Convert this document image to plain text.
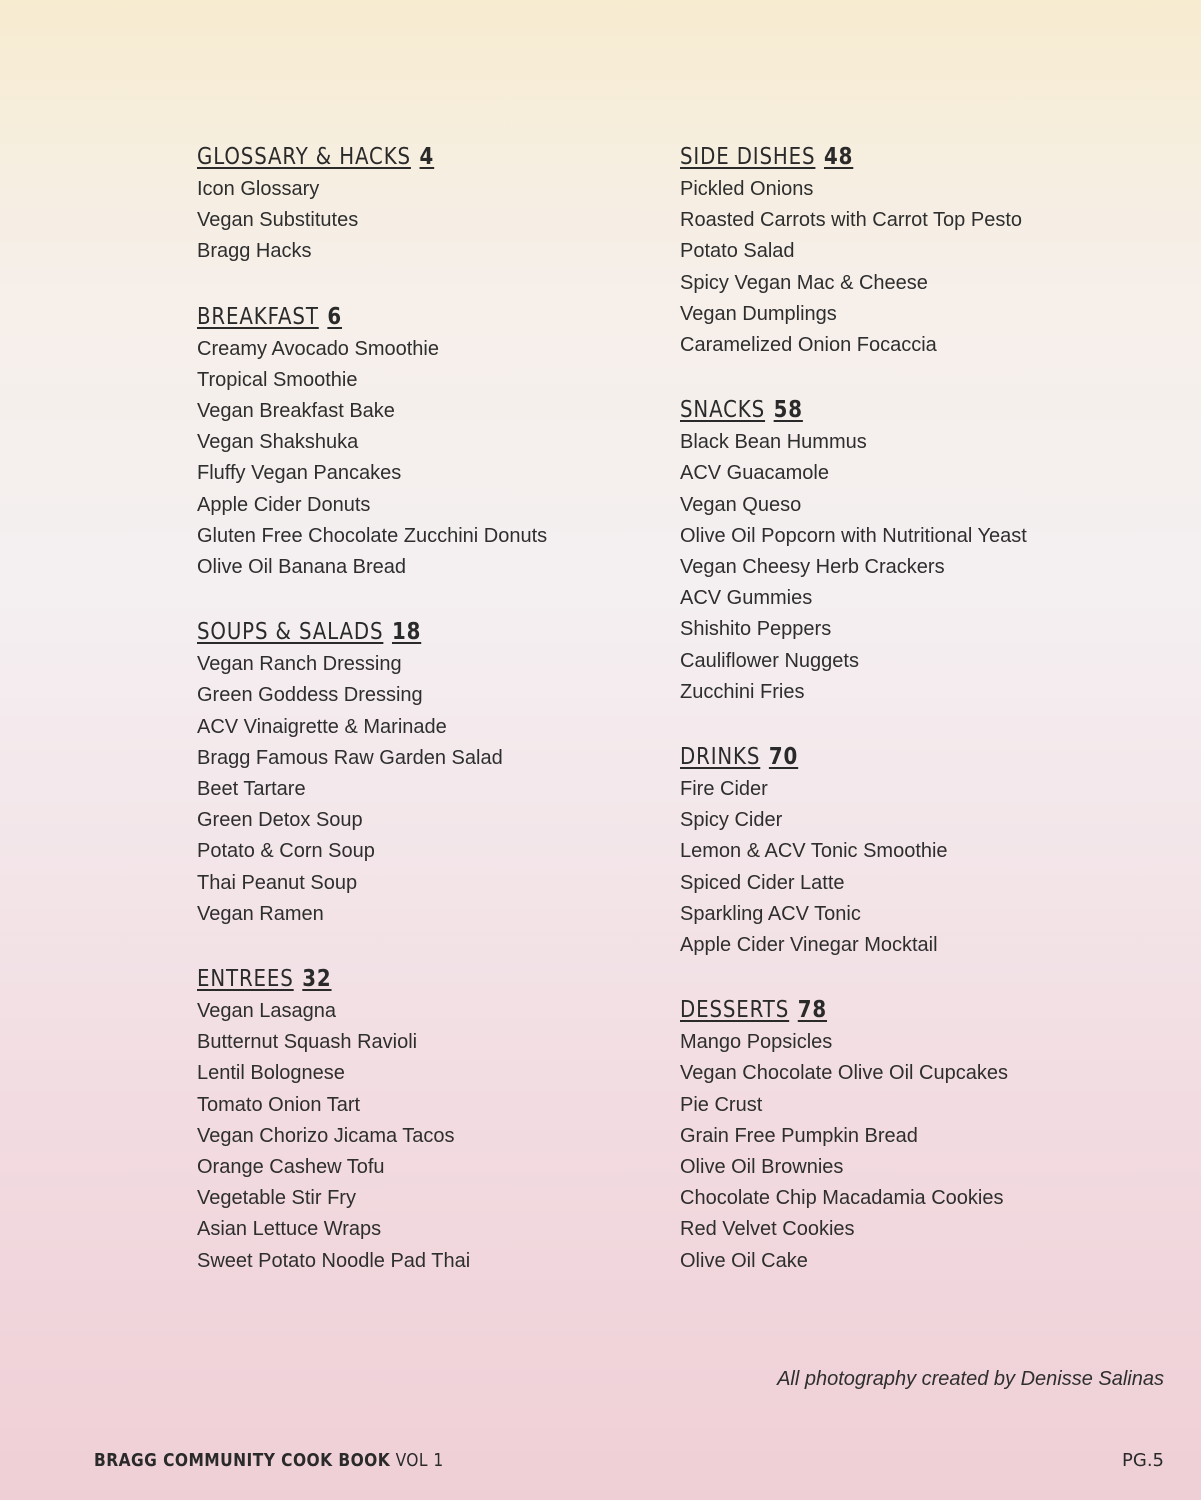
GLOSSARY & HACKS 4
Icon Glossary
Vegan Substitutes
Bragg Hacks
BREAKFAST 6
Creamy Avocado Smoothie
Tropical Smoothie
Vegan Breakfast Bake
Vegan Shakshuka
Fluffy Vegan Pancakes
Apple Cider Donuts
Gluten Free Chocolate Zucchini Donuts
Olive Oil Banana Bread
SOUPS & SALADS 18
Vegan Ranch Dressing
Green Goddess Dressing
ACV Vinaigrette & Marinade
Bragg Famous Raw Garden Salad
Beet Tartare
Green Detox Soup
Potato & Corn Soup
Thai Peanut Soup
Vegan Ramen
ENTREES 32
Vegan Lasagna
Butternut Squash Ravioli
Lentil Bolognese
Tomato Onion Tart
Vegan Chorizo Jicama Tacos
Orange Cashew Tofu
Vegetable Stir Fry
Asian Lettuce Wraps
Sweet Potato Noodle Pad Thai
SIDE DISHES 48
Pickled Onions
Roasted Carrots with Carrot Top Pesto
Potato Salad
Spicy Vegan Mac & Cheese
Vegan Dumplings
Caramelized Onion Focaccia
SNACKS 58
Black Bean Hummus
ACV Guacamole
Vegan Queso
Olive Oil Popcorn with Nutritional Yeast
Vegan Cheesy Herb Crackers
ACV Gummies
Shishito Peppers
Cauliflower Nuggets
Zucchini Fries
DRINKS 70
Fire Cider
Spicy Cider
Lemon & ACV Tonic Smoothie
Spiced Cider Latte
Sparkling ACV Tonic
Apple Cider Vinegar Mocktail
DESSERTS 78
Mango Popsicles
Vegan Chocolate Olive Oil Cupcakes
Pie Crust
Grain Free Pumpkin Bread
Olive Oil Brownies
Chocolate Chip Macadamia Cookies
Red Velvet Cookies
Olive Oil Cake
All photography created by Denisse Salinas
BRAGG COMMUNITY COOK BOOK VOL 1	PG.5
